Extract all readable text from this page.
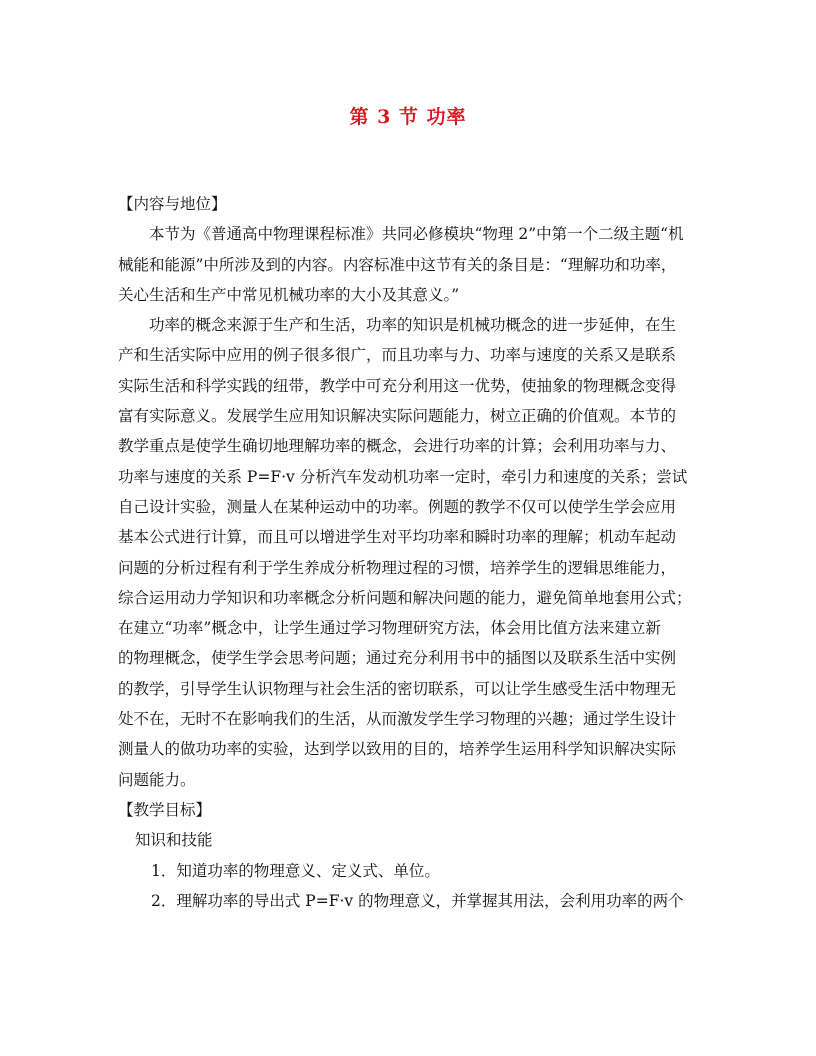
第 3 节 功率

【内容与地位】

本节为《普通高中物理课程标准》共同必修模块“物理 2”中第一个二级主题“机
械能和能源”中所涉及到的内容。内容标准中这节有关的条目是：“理解功和功率，
关心生活和生产中常见机械功率的大小及其意义。”

功率的概念来源于生产和生活，功率的知识是机械功概念的进一步延伸，在生
产和生活实际中应用的例子很多很广，而且功率与力、功率与速度的关系又是联系
实际生活和科学实践的纽带，教学中可充分利用这一优势，使抽象的物理概念变得
富有实际意义。发展学生应用知识解决实际问题能力，树立正确的价值观。本节的
教学重点是使学生确切地理解功率的概念，会进行功率的计算；会利用功率与力、
功率与速度的关系 P=F·v 分析汽车发动机功率一定时，牵引力和速度的关系；尝试
自己设计实验，测量人在某种运动中的功率。例题的教学不仅可以使学生学会应用
基本公式进行计算，而且可以增进学生对平均功率和瞬时功率的理解；机动车起动
问题的分析过程有利于学生养成分析物理过程的习惯，培养学生的逻辑思维能力，
综合运用动力学知识和功率概念分析问题和解决问题的能力，避免简单地套用公式；
在建立“功率”概念中，让学生通过学习物理研究方法，体会用比值方法来建立新
的物理概念，使学生学会思考问题；通过充分利用书中的插图以及联系生活中实例
的教学，引导学生认识物理与社会生活的密切联系，可以让学生感受生活中物理无
处不在，无时不在影响我们的生活，从而激发学生学习物理的兴趣；通过学生设计
测量人的做功功率的实验，达到学以致用的目的，培养学生运用科学知识解决实际
问题能力。

【教学目标】

知识和技能

1．知道功率的物理意义、定义式、单位。

2．理解功率的导出式 P=F·v 的物理意义，并掌握其用法，会利用功率的两个
